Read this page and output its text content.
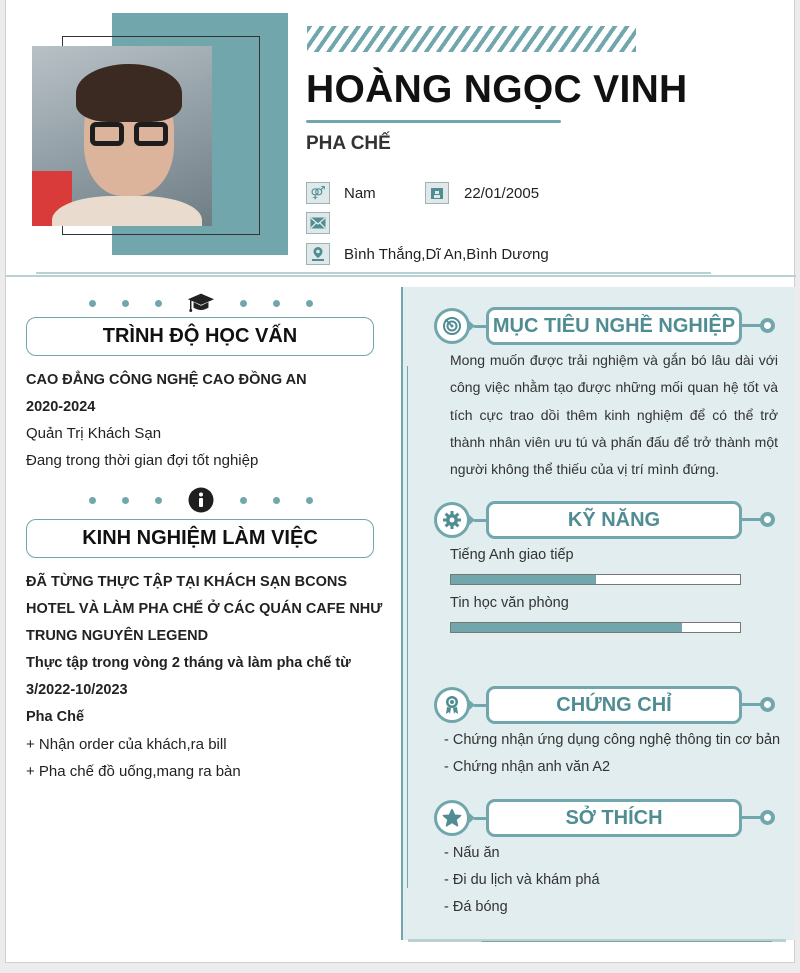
HOÀNG NGỌC VINH
PHA CHẾ
⚤ Nam	22/01/2005
Bình Thắng,Dĩ An,Bình Dương
TRÌNH ĐỘ HỌC VẤN
CAO ĐẲNG CÔNG NGHỆ CAO ĐỒNG AN
2020-2024
Quản Trị Khách Sạn
Đang trong thời gian đợi tốt nghiệp
KINH NGHIỆM LÀM VIỆC
ĐÃ TỪNG THỰC TẬP TẠI KHÁCH SẠN BCONS
HOTEL VÀ LÀM PHA CHẾ Ở CÁC QUÁN CAFE NHƯ
TRUNG NGUYÊN LEGEND
Thực tập trong vòng 2 tháng và làm pha chế từ
3/2022-10/2023
Pha Chế
+ Nhận order của khách,ra bill
+ Pha chế đồ uống,mang ra bàn
MỤC TIÊU NGHỀ NGHIỆP
Mong muốn được trải nghiệm và gắn bó lâu dài với công việc nhằm tạo được những mối quan hệ tốt và tích cực trao dồi thêm kinh nghiệm để có thể trở thành nhân viên ưu tú và phấn đấu để trở thành một người không thể thiếu của vị trí mình đứng.
KỸ NĂNG
Tiếng Anh giao tiếp
Tin học văn phòng
CHỨNG CHỈ
- Chứng nhận ứng dụng công nghệ thông tin cơ bản
- Chứng nhận anh văn A2
SỞ THÍCH
- Nấu ăn
- Đi du lịch và khám phá
- Đá bóng
